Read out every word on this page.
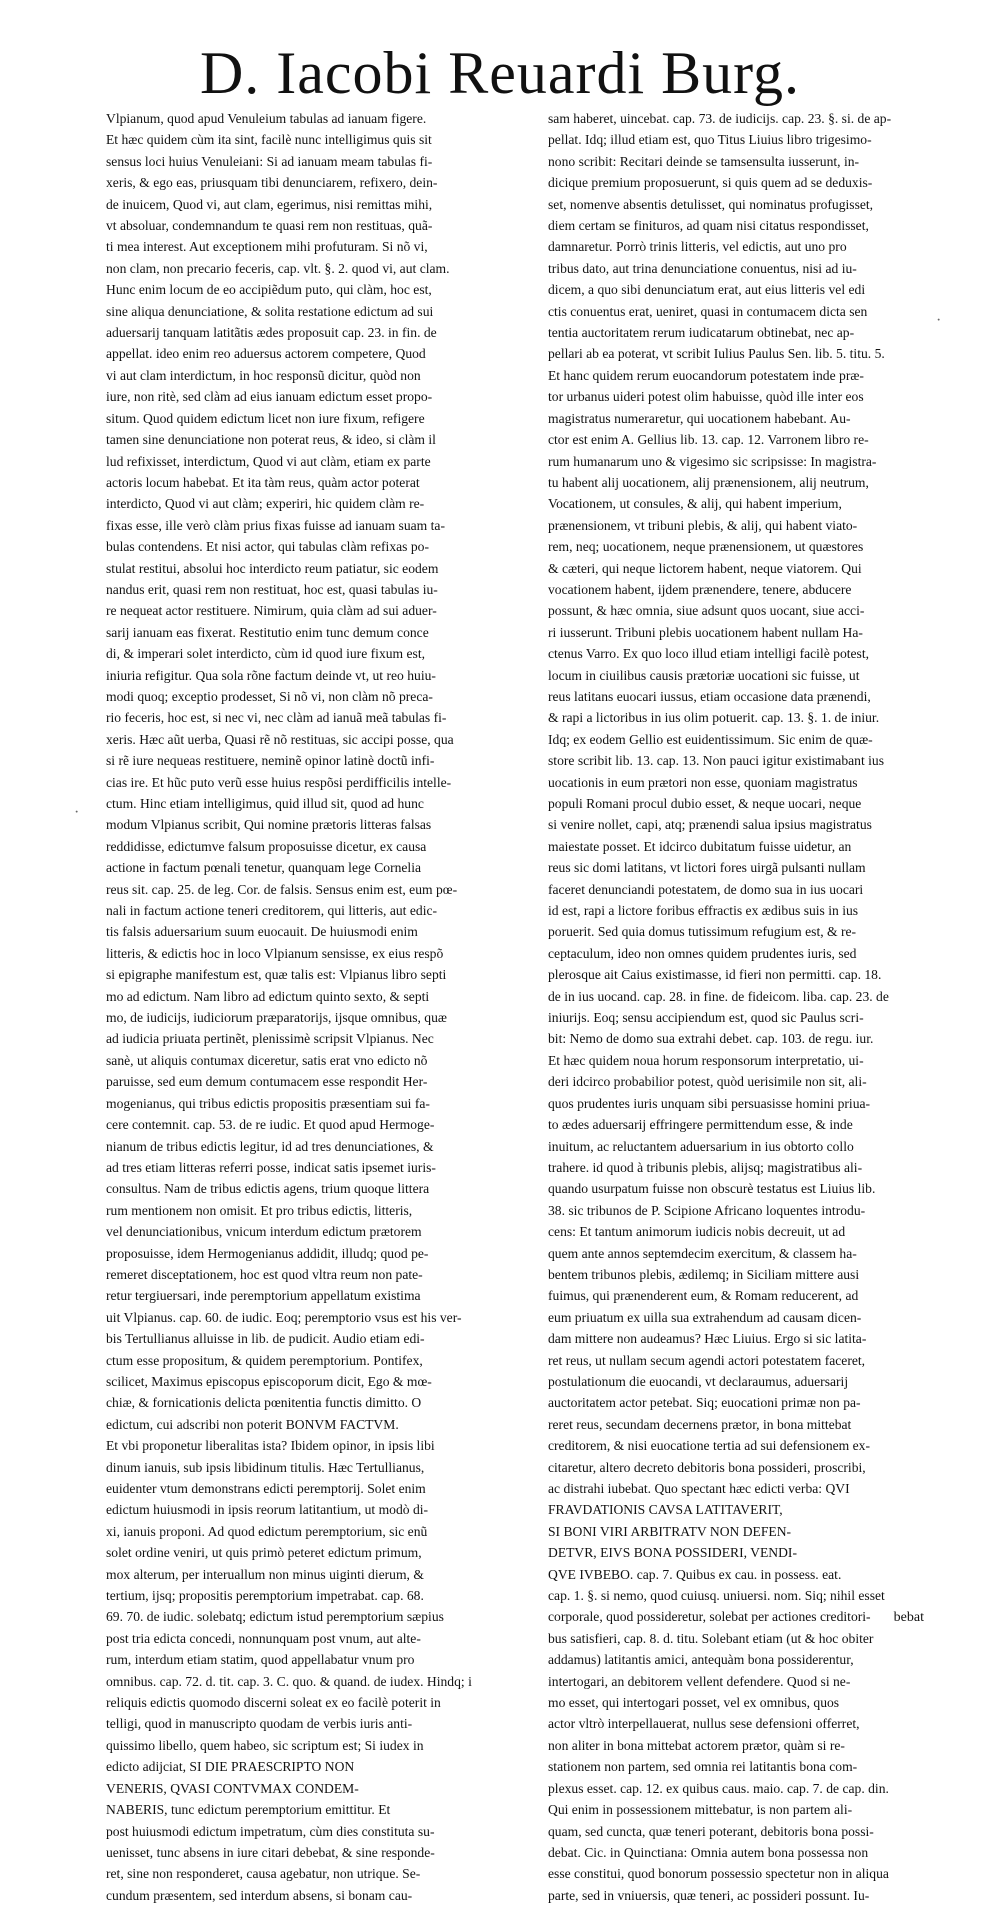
D. Iacobi Reuardi Burg.
Vlpianum, quod apud Venuleium tabulas ad ianuam figere.
Et hæc quidem cùm ita sint, facilè nunc intelligimus quis sit
sensus loci huius Venuleiani: Si ad ianuam meam tabulas fi-
xeris, & ego eas, priusquam tibi denunciarem, refixero, dein-
de inuicem, Quod vi, aut clam, egerimus, nisi remittas mihi,
vt absoluar, condemnandum te quasi rem non restituas, quã-
ti mea interest. Aut exceptionem mihi profuturam. Si nõ vi,
non clam, non precario feceris, cap. vlt. §. 2. quod vi, aut clam.
Hunc enim locum de eo accipiẽdum puto, qui clàm, hoc est,
sine aliqua denunciatione, & solita restatione edictum ad sui
aduersarij tanquam latitãtis ædes proposuit cap. 23. in fin. de
appellat. ideo enim reo aduersus actorem competere, Quod
vi aut clam interdictum, in hoc responsũ dicitur, quòd non
iure, non ritè, sed clàm ad eius ianuam edictum esset propo-
situm. Quod quidem edictum licet non iure fixum, refigere
tamen sine denunciatione non poterat reus, & ideo, si clàm il
lud refixisset, interdictum, Quod vi aut clàm, etiam ex parte
actoris locum habebat. Et ita tàm reus, quàm actor poterat
interdicto, Quod vi aut clàm; experiri, hic quidem clàm re-
fixas esse, ille verò clàm prius fixas fuisse ad ianuam suam ta-
bulas contendens. Et nisi actor, qui tabulas clàm refixas po-
stulat restitui, absolui hoc interdicto reum patiatur, sic eodem
nandus erit, quasi rem non restituat, hoc est, quasi tabulas iu-
re nequeat actor restituere. Nimirum, quia clàm ad sui aduer-
sarij ianuam eas fixerat. Restitutio enim tunc demum conce
di, & imperari solet interdicto, cùm id quod iure fixum est,
iniuria refigitur. Qua sola rõne factum deinde vt, ut reo huiu-
modi quoq; exceptio prodesset, Si nõ vi, non clàm nõ preca-
rio feceris, hoc est, si nec vi, nec clàm ad ianuã meã tabulas fi-
xeris. Hæc aũt uerba, Quasi rẽ nõ restituas, sic accipi posse, qua
si rẽ iure nequeas restituere, neminẽ opinor latinè doctũ infi-
cias ire. Et hũc puto verũ esse huius respõsi perdifficilis intelle-
ctum. Hinc etiam intelligimus, quid illud sit, quod ad hunc
modum Vlpianus scribit, Qui nomine prætoris litteras falsas
reddidisse, edictumve falsum proposuisse dicetur, ex causa
actione in factum pœnali tenetur, quanquam lege Cornelia
reus sit. cap. 25. de leg. Cor. de falsis. Sensus enim est, eum pœ-
nali in factum actione teneri creditorem, qui litteris, aut edic-
tis falsis aduersarium suum euocauit. De huiusmodi enim
litteris, & edictis hoc in loco Vlpianum sensisse, ex eius respõ
si epigraphe manifestum est, quæ talis est: Vlpianus libro septi
mo ad edictum. Nam libro ad edictum quinto sexto, & septi
mo, de iudicijs, iudiciorum præparatorijs, ijsque omnibus, quæ
ad iudicia priuata pertinẽt, plenissimè scripsit Vlpianus. Nec
sanè, ut aliquis contumax diceretur, satis erat vno edicto nõ
paruisse, sed eum demum contumacem esse respondit Her-
mogenianus, qui tribus edictis propositis præsentiam sui fa-
cere contemnit. cap. 53. de re iudic. Et quod apud Hermoge-
nianum de tribus edictis legitur, id ad tres denunciationes, &
ad tres etiam litteras referri posse, indicat satis ipsemet iuris-
consultus. Nam de tribus edictis agens, trium quoque littera
rum mentionem non omisit. Et pro tribus edictis, litteris,
vel denunciationibus, vnicum interdum edictum prætorem
proposuisse, idem Hermogenianus addidit, illudq; quod pe-
remeret disceptationem, hoc est quod vltra reum non pate-
retur tergiuersari, inde peremptorium appellatum existima
uit Vlpianus. cap. 60. de iudic. Eoq; peremptorio vsus est his ver-
bis Tertullianus alluisse in lib. de pudicit. Audio etiam edi-
ctum esse propositum, & quidem peremptorium. Pontifex,
scilicet, Maximus episcopus episcoporum dicit, Ego & mœ-
chiæ, & fornicationis delicta pœnitentia functis dimitto. O
edictum, cui adscribi non poterit BONVM FACTVM.
Et vbi proponetur liberalitas ista? Ibidem opinor, in ipsis libi
dinum ianuis, sub ipsis libidinum titulis. Hæc Tertullianus,
euidenter vtum demonstrans edicti peremptorij. Solet enim
edictum huiusmodi in ipsis reorum latitantium, ut modò di-
xi, ianuis proponi. Ad quod edictum peremptorium, sic enũ
solet ordine veniri, ut quis primò peteret edictum primum,
mox alterum, per interuallum non minus uiginti dierum, &
tertium, ijsq; propositis peremptorium impetrabat. cap. 68.
69. 70. de iudic. solebatq; edictum istud peremptorium sæpius
post tria edicta concedi, nonnunquam post vnum, aut alte-
rum, interdum etiam statim, quod appellabatur vnum pro
omnibus. cap. 72. d. tit. cap. 3. C. quo. & quand. de iudex. Hindq; i
reliquis edictis quomodo discerni soleat ex eo facilè poterit in
telligi, quod in manuscripto quodam de verbis iuris anti-
quissimo libello, quem habeo, sic scriptum est; Si iudex in
edicto adijciat, SI DIE PRAESCRIPTO NON
VENERIS, QVASI CONTVMAX CONDEM-
NABERIS, tunc edictum peremptorium emittitur. Et
post huiusmodi edictum impetratum, cùm dies constituta su-
uenisset, tunc absens in iure citari debebat, & sine responde-
ret, sine non responderet, causa agebatur, non utrique. Se-
cundum præsentem, sed interdum absens, si bonam cau-
sam haberet, uincebat. cap. 73. de iudicijs. cap. 23. §. si. de ap-
pellat. Idq; illud etiam est, quo Titus Liuius libro trigesimo-
nono scribit: Recitari deinde se tamsensulta iusserunt, in-
dicique premium proposuerunt, si quis quem ad se deduxis-
set, nomenve absentis detulisset, qui nominatus profugisset,
diem certam se finituros, ad quam nisi citatus respondisset,
damnaretur. Porrò trinis litteris, vel edictis, aut uno pro
tribus dato, aut trina denunciatione conuentus, nisi ad iu-
dicem, a quo sibi denunciatum erat, aut eius litteris vel edi
ctis conuentus erat, ueniret, quasi in contumacem dicta sen
tentia auctoritatem rerum iudicatarum obtinebat, nec ap-
pellari ab ea poterat, vt scribit Iulius Paulus Sen. lib. 5. titu. 5.
Et hanc quidem rerum euocandorum potestatem inde præ-
tor urbanus uideri potest olim habuisse, quòd ille inter eos
magistratus numeraretur, qui uocationem habebant. Au-
ctor est enim A. Gellius lib. 13. cap. 12. Varronem libro re-
rum humanarum uno & vigesimo sic scripsisse: In magistra-
tu habent alij uocationem, alij prænensionem, alij neutrum,
Vocationem, ut consules, & alij, qui habent imperium,
prænensionem, vt tribuni plebis, & alij, qui habent viato-
rem, neq; uocationem, neque prænensionem, ut quæstores
& cæteri, qui neque lictorem habent, neque viatorem. Qui
vocationem habent, ijdem prænendere, tenere, abducere
possunt, & hæc omnia, siue adsunt quos uocant, siue acci-
ri iusserunt. Tribuni plebis uocationem habent nullam Ha-
ctenus Varro. Ex quo loco illud etiam intelligi facilè potest,
locum in ciuilibus causis prætoriæ uocationi sic fuisse, ut
reus latitans euocari iussus, etiam occasione data prænendi,
& rapi a lictoribus in ius olim potuerit. cap. 13. §. 1. de iniur.
Idq; ex eodem Gellio est euidentissimum. Sic enim de quæ-
store scribit lib. 13. cap. 13. Non pauci igitur existimabant ius
uocationis in eum prætori non esse, quoniam magistratus
populi Romani procul dubio esset, & neque uocari, neque
si venire nollet, capi, atq; prænendi salua ipsius magistratus
maiestate posset. Et idcirco dubitatum fuisse uidetur, an
reus sic domi latitans, vt lictori fores uirgã pulsanti nullam
faceret denunciandi potestatem, de domo sua in ius uocari
id est, rapi a lictore foribus effractis ex ædibus suis in ius
poruerit. Sed quia domus tutissimum refugium est, & re-
ceptaculum, ideo non omnes quidem prudentes iuris, sed
plerosque ait Caius existimasse, id fieri non permitti. cap. 18.
de in ius uocand. cap. 28. in fine. de fideicom. liba. cap. 23. de
iniurijs. Eoq; sensu accipiendum est, quod sic Paulus scri-
bit: Nemo de domo sua extrahi debet. cap. 103. de regu. iur.
Et hæc quidem noua horum responsorum interpretatio, ui-
deri idcirco probabilior potest, quòd uerisimile non sit, ali-
quos prudentes iuris unquam sibi persuasisse homini priua-
to ædes aduersarij effringere permittendum esse, & inde
inuitum, ac reluctantem aduersarium in ius obtorto collo
trahere. id quod à tribunis plebis, alijsq; magistratibus ali-
quando usurpatum fuisse non obscurè testatus est Liuius lib.
38. sic tribunos de P. Scipione Africano loquentes introdu-
cens: Et tantum animorum iudicis nobis decreuit, ut ad
quem ante annos septemdecim exercitum, & classem ha-
bentem tribunos plebis, ædilemq; in Siciliam mittere ausi
fuimus, qui prænenderent eum, & Romam reducerent, ad
eum priuatum ex uilla sua extrahendum ad causam dicen-
dam mittere non audeamus? Hæc Liuius. Ergo si sic latita-
ret reus, ut nullam secum agendi actori potestatem faceret,
postulationum die euocandi, vt declaraumus, aduersarij
auctoritatem actor petebat. Siq; euocationi primæ non pa-
reret reus, secundam decernens prætor, in bona mittebat
creditorem, & nisi euocatione tertia ad sui defensionem ex-
citaretur, altero decreto debitoris bona possideri, proscribi,
ac distrahi iubebat. Quo spectant hæc edicti verba: QVI
FRAVDATIONIS CAVSA LATITAVERIT,
SI BONI VIRI ARBITRATV NON DEFEN-
DETVR, EIVS BONA POSSIDERI, VENDI-
QVE IVBEBO. cap. 7. Quibus ex cau. in possess. eat.
cap. 1. §. si nemo, quod cuiusq. uniuersi. nom. Siq; nihil esset
corporale, quod possideretur, solebat per actiones creditori-
bus satisfieri, cap. 8. d. titu. Solebant etiam (ut & hoc obiter
addamus) latitantis amici, antequàm bona possiderentur,
intertogari, an debitorem vellent defendere. Quod si ne-
mo esset, qui intertogari posset, vel ex omnibus, quos
actor vltrò interpellauerat, nullus sese defensioni offerret,
non aliter in bona mittebat actorem prætor, quàm si re-
stationem non partem, sed omnia rei latitantis bona com-
plexus esset. cap. 12. ex quibus caus. maio. cap. 7. de cap. din.
Qui enim in possessionem mittebatur, is non partem ali-
quam, sed cuncta, quæ teneri poterant, debitoris bona possi-
debat. Cic. in Quinctiana: Omnia autem bona possessa non
esse constitui, quod bonorum possessio spectetur non in aliqua
parte, sed in vniuersis, quæ teneri, ac possideri possunt. Iu-
·
·
bebat
